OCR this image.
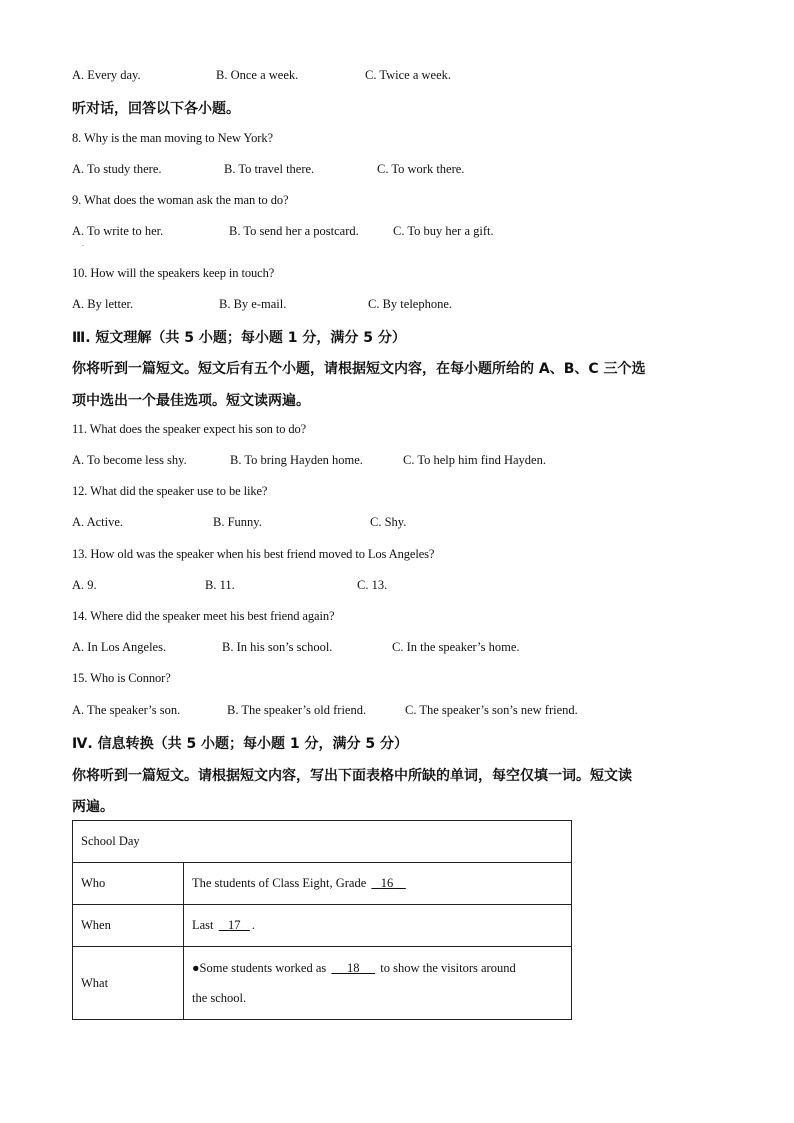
A. Every day.	B. Once a week.	C. Twice a week.
听对话，回答以下各小题。
8. Why is the man moving to New York?
A. To study there.	B. To travel there.	C. To work there.
9. What does the woman ask the man to do?
A. To write to her.
·
B. To send her a postcard.	C. To buy her a gift.
10. How will the speakers keep in touch?
A. By letter.	B. By e-mail.	C. By telephone.
Ⅲ. 短文理解（共 5 小题；每小题 1 分，满分 5 分）
你将听到一篇短文。短文后有五个小题，请根据短文内容，在每小题所给的 A、B、C 三个选
项中选出一个最佳选项。短文读两遍。
11. What does the speaker expect his son to do?
A. To become less shy.	B. To bring Hayden home.	C. To help him find Hayden.
12. What did the speaker use to be like?
A. Active.	B. Funny.	C. Shy.
13. How old was the speaker when his best friend moved to Los Angeles?
A. 9.	B. 11.	C. 13.
14. Where did the speaker meet his best friend again?
A. In Los Angeles.	B. In his son’s school.	C. In the speaker’s home.
15. Who is Connor?
A. The speaker’s son.	B. The speaker’s old friend.	C. The speaker’s son’s new friend.
Ⅳ. 信息转换（共 5 小题；每小题 1 分，满分 5 分）
你将听到一篇短文。请根据短文内容，写出下面表格中所缺的单词，每空仅填一词。短文读
两遍。
School Day	
Who	The students of Class Eight, Grade    16
When	Last    17 .
What	●Some students worked as      18      to show the visitors around
the school.
